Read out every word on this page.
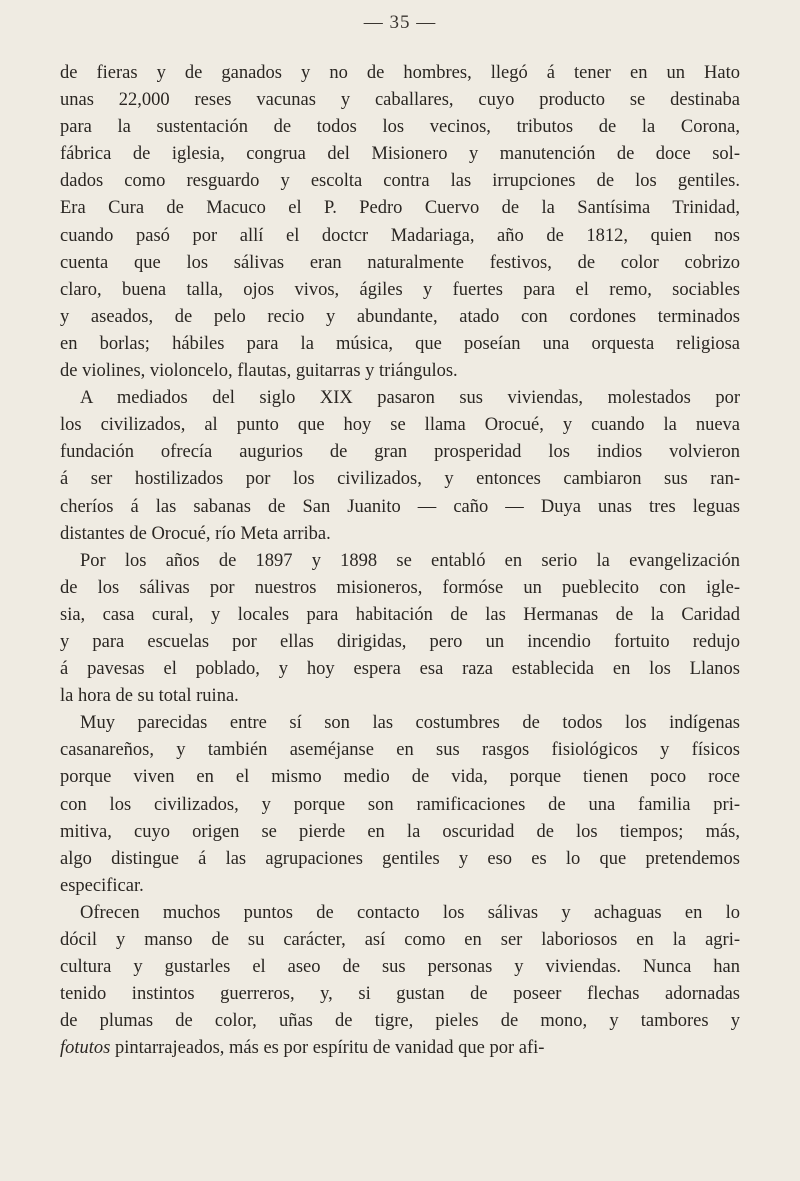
— 35 —

de fieras y de ganados y no de hombres, llegó á tener en un Hato
unas 22,000 reses vacunas y caballares, cuyo producto se destinaba
para la sustentación de todos los vecinos, tributos de la Corona,
fábrica de iglesia, congrua del Misionero y manutención de doce sol-
dados como resguardo y escolta contra las irrupciones de los gentiles.
Era Cura de Macuco el P. Pedro Cuervo de la Santísima Trinidad,
cuando pasó por allí el doctcr Madariaga, año de 1812, quien nos
cuenta que los sálivas eran naturalmente festivos, de color cobrizo
claro, buena talla, ojos vivos, ágiles y fuertes para el remo, sociables
y aseados, de pelo recio y abundante, atado con cordones terminados
en borlas; hábiles para la música, que poseían una orquesta religiosa
de violines, violoncelo, flautas, guitarras y triángulos.

A mediados del siglo XIX pasaron sus viviendas, molestados por
los civilizados, al punto que hoy se llama Orocué, y cuando la nueva
fundación ofrecía augurios de gran prosperidad los indios volvieron
á ser hostilizados por los civilizados, y entonces cambiaron sus ran-
cheríos á las sabanas de San Juanito — caño — Duya unas tres leguas
distantes de Orocué, río Meta arriba.

Por los años de 1897 y 1898 se entabló en serio la evangelización
de los sálivas por nuestros misioneros, formóse un pueblecito con igle-
sia, casa cural, y locales para habitación de las Hermanas de la Caridad
y para escuelas por ellas dirigidas, pero un incendio fortuito redujo
á pavesas el poblado, y hoy espera esa raza establecida en los Llanos
la hora de su total ruina.

Muy parecidas entre sí son las costumbres de todos los indígenas
casanareños, y también aseméjanse en sus rasgos fisiológicos y físicos
porque viven en el mismo medio de vida, porque tienen poco roce
con los civilizados, y porque son ramificaciones de una familia pri-
mitiva, cuyo origen se pierde en la oscuridad de los tiempos; más,
algo distingue á las agrupaciones gentiles y eso es lo que pretendemos
especificar.

Ofrecen muchos puntos de contacto los sálivas y achaguas en lo
dócil y manso de su carácter, así como en ser laboriosos en la agri-
cultura y gustarles el aseo de sus personas y viviendas. Nunca han
tenido instintos guerreros, y, si gustan de poseer flechas adornadas
de plumas de color, uñas de tigre, pieles de mono, y tambores y
fotutos pintarrajeados, más es por espíritu de vanidad que por afi-
